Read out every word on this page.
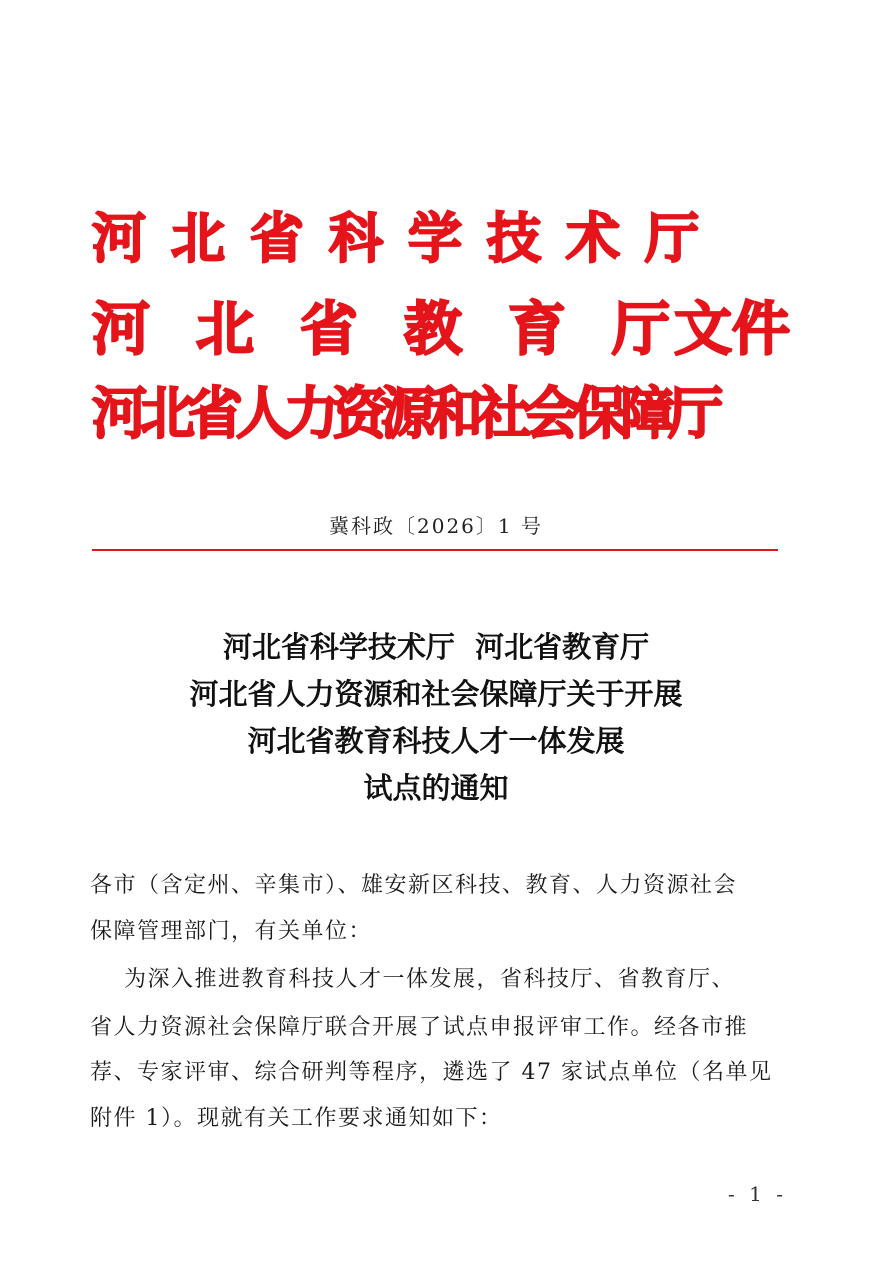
河北省科学技术厅
河 北 省 教 育 厅文件
河北省人力资源和社会保障厅
冀科政〔2026〕1 号
河北省科学技术厅  河北省教育厅
河北省人力资源和社会保障厅关于开展
河北省教育科技人才一体发展
试点的通知
各市（含定州、辛集市）、雄安新区科技、教育、人力资源社会
保障管理部门，有关单位：
为深入推进教育科技人才一体发展，省科技厅、省教育厅、
省人力资源社会保障厅联合开展了试点申报评审工作。经各市推
荐、专家评审、综合研判等程序，遴选了 47 家试点单位（名单见
附件 1）。现就有关工作要求通知如下：
- 1 -
